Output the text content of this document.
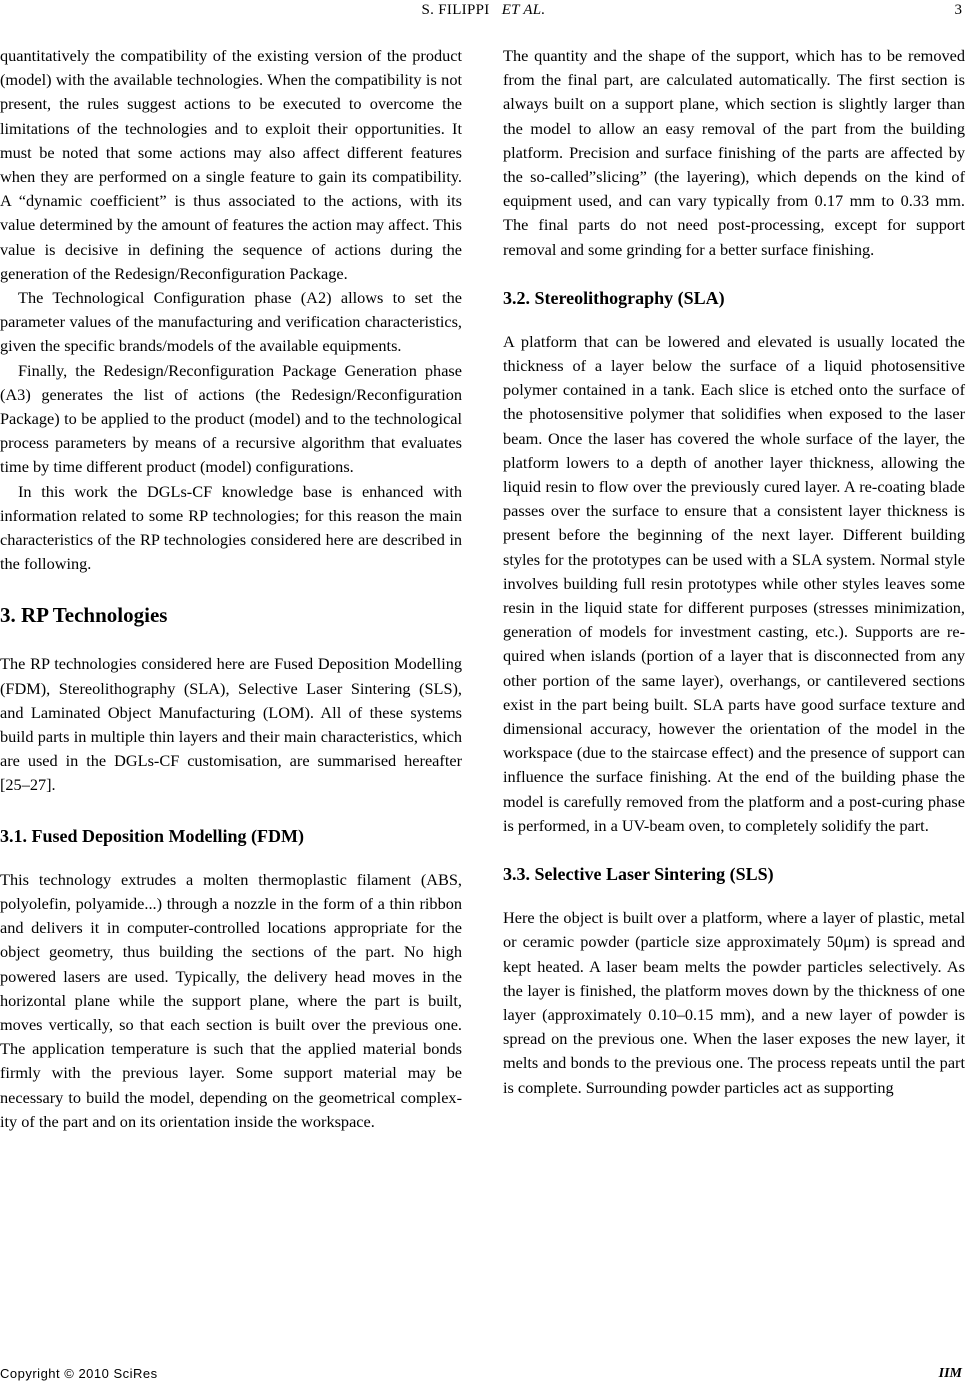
S. FILIPPI ET AL.	3

quantitatively the compatibility of the existing version of the product (model) with the available technologies. When the compatibility is not present, the rules suggest actions to be executed to overcome the limitations of the technologies and to exploit their opportunities. It must be noted that some actions may also affect different features when they are performed on a single feature to gain its compatibility. A “dynamic coefficient” is thus associated to the actions, with its value determined by the amount of features the action may affect. This value is decisive in defining the sequence of actions during the generation of the Redesign/Reconfiguration Package.

The Technological Configuration phase (A2) allows to set the parameter values of the manufacturing and verification characteristics, given the specific brands/models of the available equipments.

Finally, the Redesign/Reconfiguration Package Generation phase (A3) generates the list of actions (the Redesign/Reconfiguration Package) to be applied to the product (model) and to the technological process parameters by means of a recursive algorithm that evaluates time by time different product (model) configurations.

In this work the DGLs-CF knowledge base is enhanced with information related to some RP technologies; for this reason the main characteristics of the RP technologies considered here are described in the following.

3. RP Technologies

The RP technologies considered here are Fused Deposition Modelling (FDM), Stereolithography (SLA), Selective Laser Sintering (SLS), and Laminated Object Manufacturing (LOM). All of these systems build parts in multiple thin layers and their main characteristics, which are used in the DGLs-CF customisation, are summarised hereafter [25–27].

3.1. Fused Deposition Modelling (FDM)

This technology extrudes a molten thermoplastic filament (ABS, polyolefin, polyamide...) through a nozzle in the form of a thin ribbon and delivers it in computer-controlled locations appropriate for the object geometry, thus building the sections of the part. No high powered lasers are used. Typically, the delivery head moves in the horizontal plane while the support plane, where the part is built, moves vertically, so that each section is built over the previous one. The application temperature is such that the applied material bonds firmly with the previous layer. Some support material may be necessary to build the model, depending on the geometrical complexity of the part and on its orientation inside the workspace.

The quantity and the shape of the support, which has to be removed from the final part, are calculated automatically. The first section is always built on a support plane, which section is slightly larger than the model to allow an easy removal of the part from the building platform. Precision and surface finishing of the parts are affected by the so-called”slicing” (the layering), which depends on the kind of equipment used, and can vary typically from 0.17 mm to 0.33 mm. The final parts do not need post-processing, except for support removal and some grinding for a better surface finishing.

3.2. Stereolithography (SLA)

A platform that can be lowered and elevated is usually located the thickness of a layer below the surface of a liquid photosensitive polymer contained in a tank. Each slice is etched onto the surface of the photosensitive polymer that solidifies when exposed to the laser beam. Once the laser has covered the whole surface of the layer, the platform lowers to a depth of another layer thickness, allowing the liquid resin to flow over the previously cured layer. A re-coating blade passes over the surface to ensure that a consistent layer thickness is present before the beginning of the next layer. Different building styles for the prototypes can be used with a SLA system. Normal style involves building full resin prototypes while other styles leaves some resin in the liquid state for different purposes (stresses minimization, generation of models for investment casting, etc.). Supports are required when islands (portion of a layer that is disconnected from any other portion of the same layer), overhangs, or cantilevered sections exist in the part being built. SLA parts have good surface texture and dimensional accuracy, however the orientation of the model in the workspace (due to the staircase effect) and the presence of support can influence the surface finishing. At the end of the building phase the model is carefully removed from the platform and a post-curing phase is performed, in a UV-beam oven, to completely solidify the part.

3.3. Selective Laser Sintering (SLS)

Here the object is built over a platform, where a layer of plastic, metal or ceramic powder (particle size approximately 50μm) is spread and kept heated. A laser beam melts the powder particles selectively. As the layer is finished, the platform moves down by the thickness of one layer (approximately 0.10–0.15 mm), and a new layer of powder is spread on the previous one. When the laser exposes the new layer, it melts and bonds to the previous one. The process repeats until the part is complete. Surrounding powder particles act as supporting

Copyright © 2010 SciRes	IIM
